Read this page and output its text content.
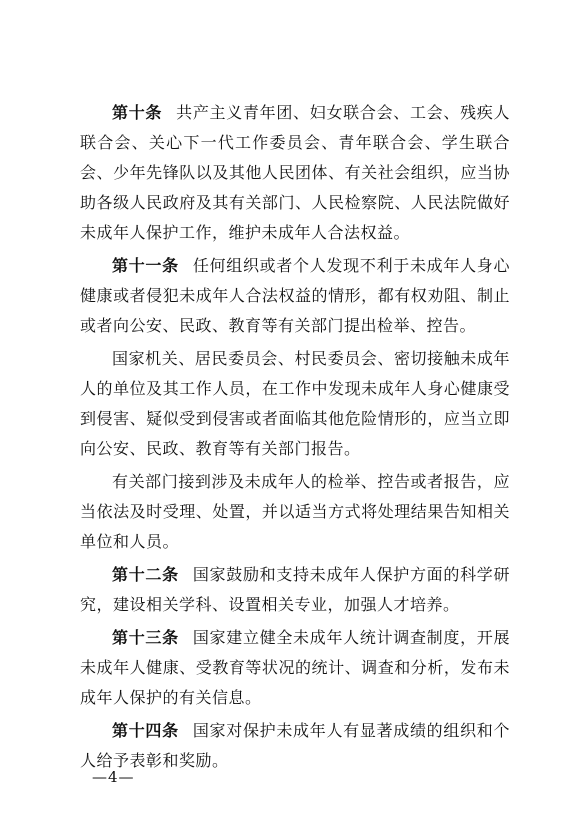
第十条 共产主义青年团、妇女联合会、工会、残疾人联合会、关心下一代工作委员会、青年联合会、学生联合会、少年先锋队以及其他人民团体、有关社会组织，应当协助各级人民政府及其有关部门、人民检察院、人民法院做好未成年人保护工作，维护未成年人合法权益。

第十一条 任何组织或者个人发现不利于未成年人身心健康或者侵犯未成年人合法权益的情形，都有权劝阻、制止或者向公安、民政、教育等有关部门提出检举、控告。

国家机关、居民委员会、村民委员会、密切接触未成年人的单位及其工作人员，在工作中发现未成年人身心健康受到侵害、疑似受到侵害或者面临其他危险情形的，应当立即向公安、民政、教育等有关部门报告。

有关部门接到涉及未成年人的检举、控告或者报告，应当依法及时受理、处置，并以适当方式将处理结果告知相关单位和人员。

第十二条 国家鼓励和支持未成年人保护方面的科学研究，建设相关学科、设置相关专业，加强人才培养。

第十三条 国家建立健全未成年人统计调查制度，开展未成年人健康、受教育等状况的统计、调查和分析，发布未成年人保护的有关信息。

第十四条 国家对保护未成年人有显著成绩的组织和个人给予表彰和奖励。

—4—
